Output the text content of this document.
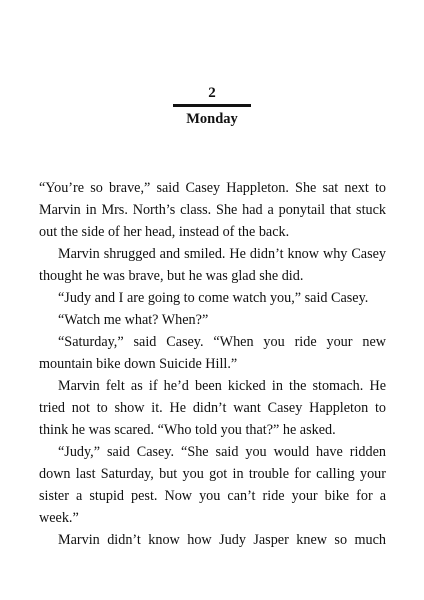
2
Monday

“You’re so brave,” said Casey Happleton. She sat next to Marvin in Mrs. North’s class. She had a ponytail that stuck out the side of her head, instead of the back.

Marvin shrugged and smiled. He didn’t know why Casey thought he was brave, but he was glad she did.

“Judy and I are going to come watch you,” said Casey.

“Watch me what? When?”

“Saturday,” said Casey. “When you ride your new mountain bike down Suicide Hill.”

Marvin felt as if he’d been kicked in the stomach. He tried not to show it. He didn’t want Casey Happleton to think he was scared. “Who told you that?” he asked.

“Judy,” said Casey. “She said you would have ridden down last Saturday, but you got in trouble for calling your sister a stupid pest. Now you can’t ride your bike for a week.”

Marvin didn’t know how Judy Jasper knew so much
